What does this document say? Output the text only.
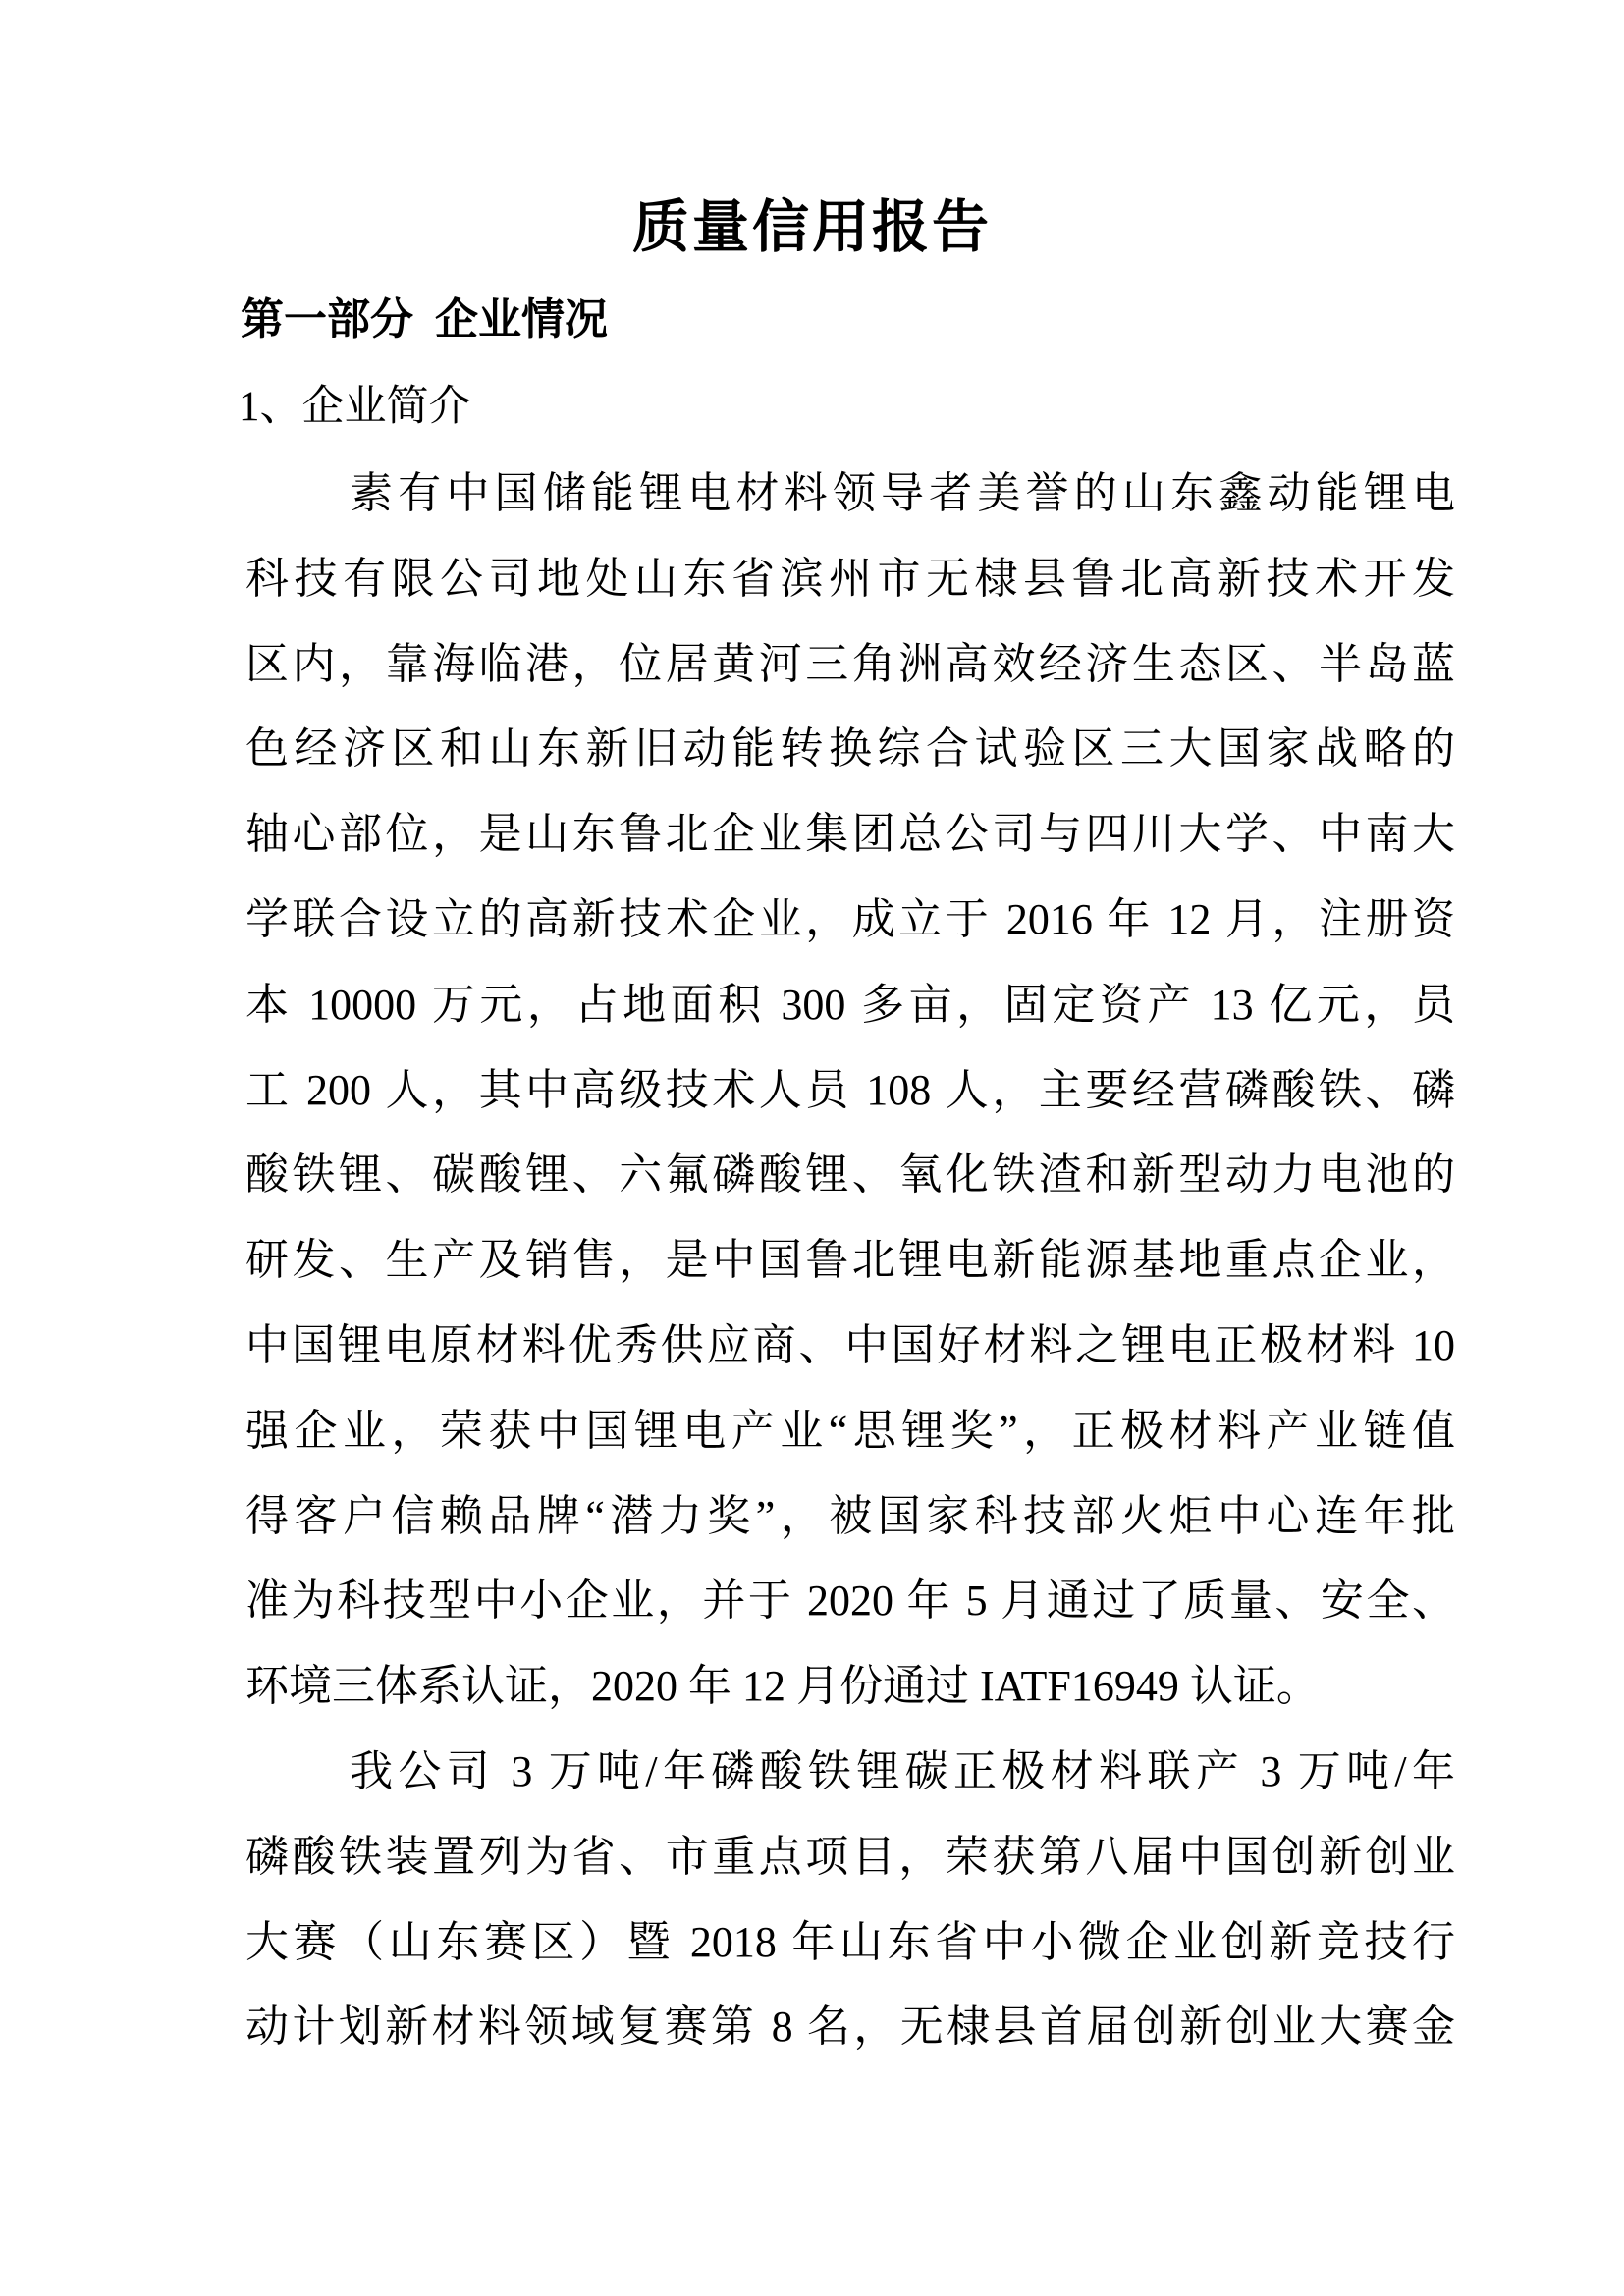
质量信用报告
第一部分  企业情况
1、企业简介
素有中国储能锂电材料领导者美誉的山东鑫动能锂电
科技有限公司地处山东省滨州市无棣县鲁北高新技术开发
区内，靠海临港，位居黄河三角洲高效经济生态区、半岛蓝
色经济区和山东新旧动能转换综合试验区三大国家战略的
轴心部位，是山东鲁北企业集团总公司与四川大学、中南大
学联合设立的高新技术企业，成立于 2016 年 12 月，注册资
本 10000 万元，占地面积 300 多亩，固定资产 13 亿元，员
工 200 人，其中高级技术人员 108 人，主要经营磷酸铁、磷
酸铁锂、碳酸锂、六氟磷酸锂、氧化铁渣和新型动力电池的
研发、生产及销售，是中国鲁北锂电新能源基地重点企业，
中国锂电原材料优秀供应商、中国好材料之锂电正极材料 10
强企业，荣获中国锂电产业“思锂奖”，正极材料产业链值
得客户信赖品牌“潜力奖”，被国家科技部火炬中心连年批
准为科技型中小企业，并于 2020 年 5 月通过了质量、安全、
环境三体系认证，2020 年 12 月份通过 IATF16949 认证。
我公司 3 万吨/年磷酸铁锂碳正极材料联产 3 万吨/年
磷酸铁装置列为省、市重点项目，荣获第八届中国创新创业
大赛（山东赛区）暨 2018 年山东省中小微企业创新竞技行
动计划新材料领域复赛第 8 名，无棣县首届创新创业大赛金
